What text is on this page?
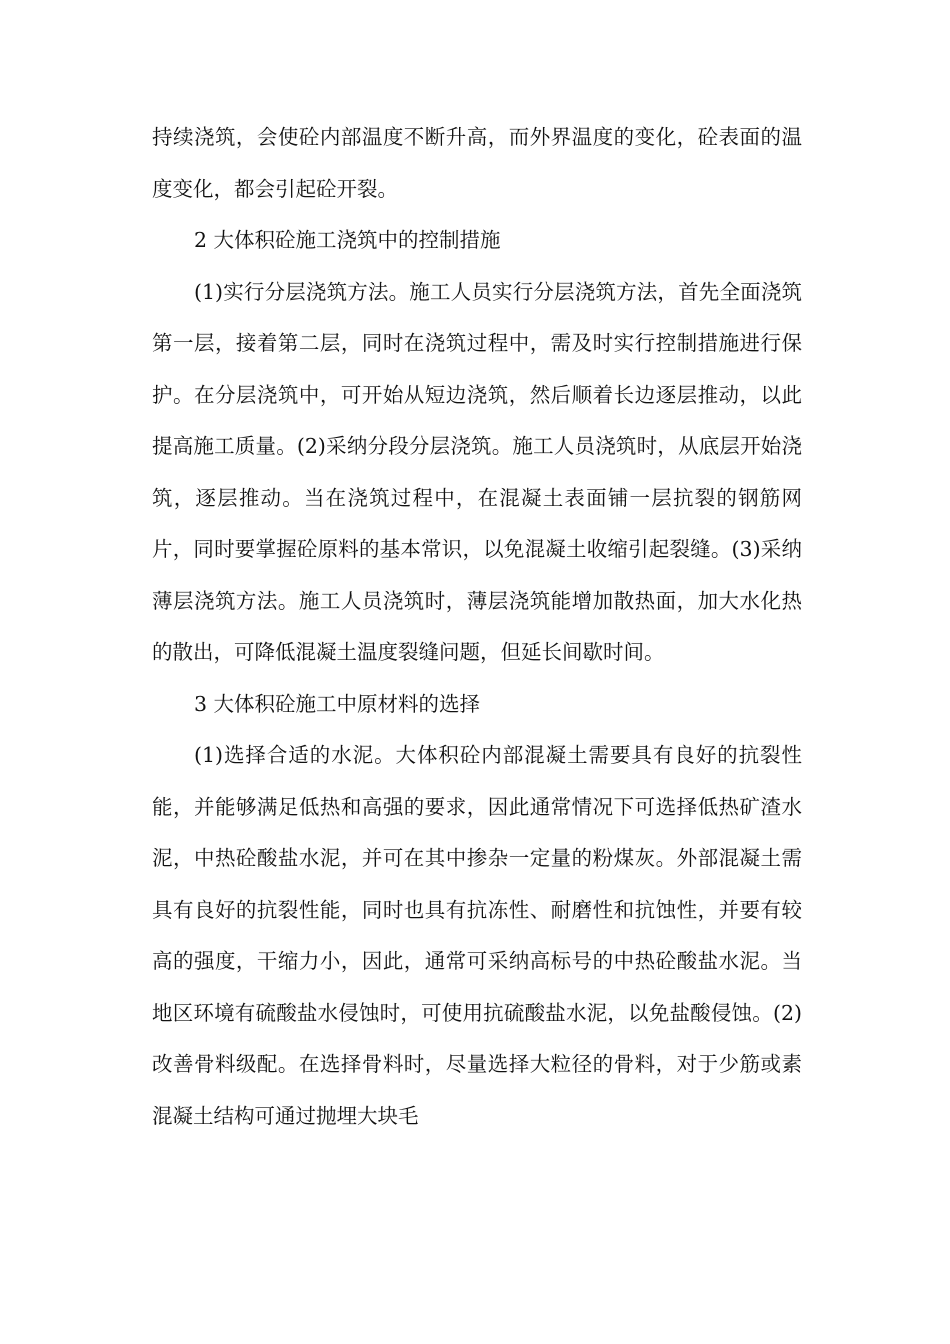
持续浇筑，会使砼内部温度不断升高，而外界温度的变化，砼表面的温度变化，都会引起砼开裂。

2 大体积砼施工浇筑中的控制措施

(1)实行分层浇筑方法。施工人员实行分层浇筑方法，首先全面浇筑第一层，接着第二层，同时在浇筑过程中，需及时实行控制措施进行保护。在分层浇筑中，可开始从短边浇筑，然后顺着长边逐层推动，以此提高施工质量。(2)采纳分段分层浇筑。施工人员浇筑时，从底层开始浇筑，逐层推动。当在浇筑过程中，在混凝土表面铺一层抗裂的钢筋网片，同时要掌握砼原料的基本常识，以免混凝土收缩引起裂缝。(3)采纳薄层浇筑方法。施工人员浇筑时，薄层浇筑能增加散热面，加大水化热的散出，可降低混凝土温度裂缝问题，但延长间歇时间。

3 大体积砼施工中原材料的选择

(1)选择合适的水泥。大体积砼内部混凝土需要具有良好的抗裂性能，并能够满足低热和高强的要求，因此通常情况下可选择低热矿渣水泥，中热砼酸盐水泥，并可在其中掺杂一定量的粉煤灰。外部混凝土需具有良好的抗裂性能，同时也具有抗冻性、耐磨性和抗蚀性，并要有较高的强度，干缩力小，因此，通常可采纳高标号的中热砼酸盐水泥。当地区环境有硫酸盐水侵蚀时，可使用抗硫酸盐水泥，以免盐酸侵蚀。(2)改善骨料级配。在选择骨料时，尽量选择大粒径的骨料，对于少筋或素混凝土结构可通过抛埋大块毛
